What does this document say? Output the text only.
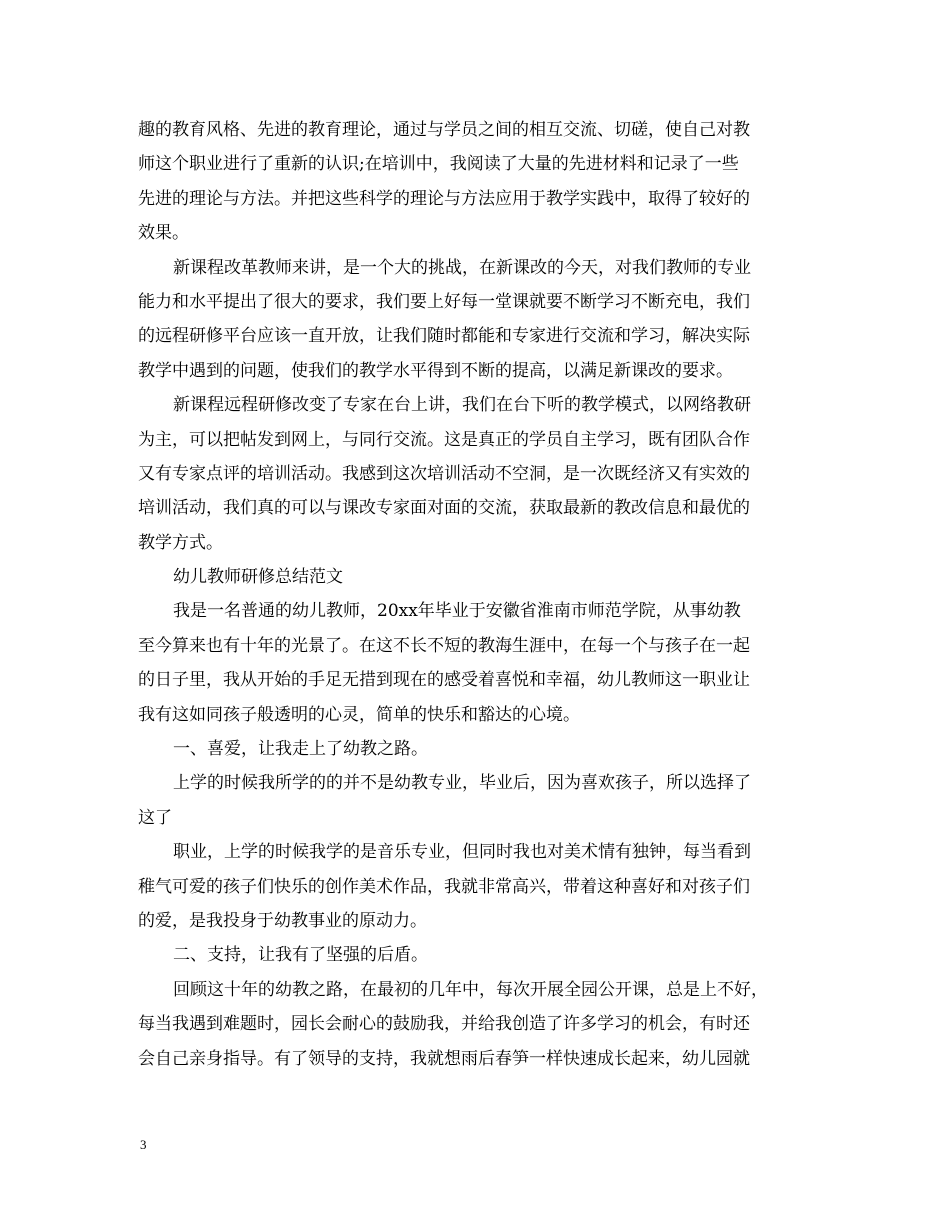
趣的教育风格、先进的教育理论，通过与学员之间的相互交流、切磋，使自己对教
师这个职业进行了重新的认识;在培训中，我阅读了大量的先进材料和记录了一些
先进的理论与方法。并把这些科学的理论与方法应用于教学实践中，取得了较好的
效果。
新课程改革教师来讲，是一个大的挑战，在新课改的今天，对我们教师的专业
能力和水平提出了很大的要求，我们要上好每一堂课就要不断学习不断充电，我们
的远程研修平台应该一直开放，让我们随时都能和专家进行交流和学习，解决实际
教学中遇到的问题，使我们的教学水平得到不断的提高，以满足新课改的要求。
新课程远程研修改变了专家在台上讲，我们在台下听的教学模式，以网络教研
为主，可以把帖发到网上，与同行交流。这是真正的学员自主学习，既有团队合作
又有专家点评的培训活动。我感到这次培训活动不空洞，是一次既经济又有实效的
培训活动，我们真的可以与课改专家面对面的交流，获取最新的教改信息和最优的
教学方式。
幼儿教师研修总结范文
我是一名普通的幼儿教师，20xx年毕业于安徽省淮南市师范学院，从事幼教
至今算来也有十年的光景了。在这不长不短的教海生涯中，在每一个与孩子在一起
的日子里，我从开始的手足无措到现在的感受着喜悦和幸福，幼儿教师这一职业让
我有这如同孩子般透明的心灵，简单的快乐和豁达的心境。
一、喜爱，让我走上了幼教之路。
上学的时候我所学的的并不是幼教专业，毕业后，因为喜欢孩子，所以选择了
这了
职业，上学的时候我学的是音乐专业，但同时我也对美术情有独钟，每当看到
稚气可爱的孩子们快乐的创作美术作品，我就非常高兴，带着这种喜好和对孩子们
的爱，是我投身于幼教事业的原动力。
二、支持，让我有了坚强的后盾。
回顾这十年的幼教之路，在最初的几年中，每次开展全园公开课，总是上不好，
每当我遇到难题时，园长会耐心的鼓励我，并给我创造了许多学习的机会，有时还
会自己亲身指导。有了领导的支持，我就想雨后春笋一样快速成长起来，幼儿园就
3
